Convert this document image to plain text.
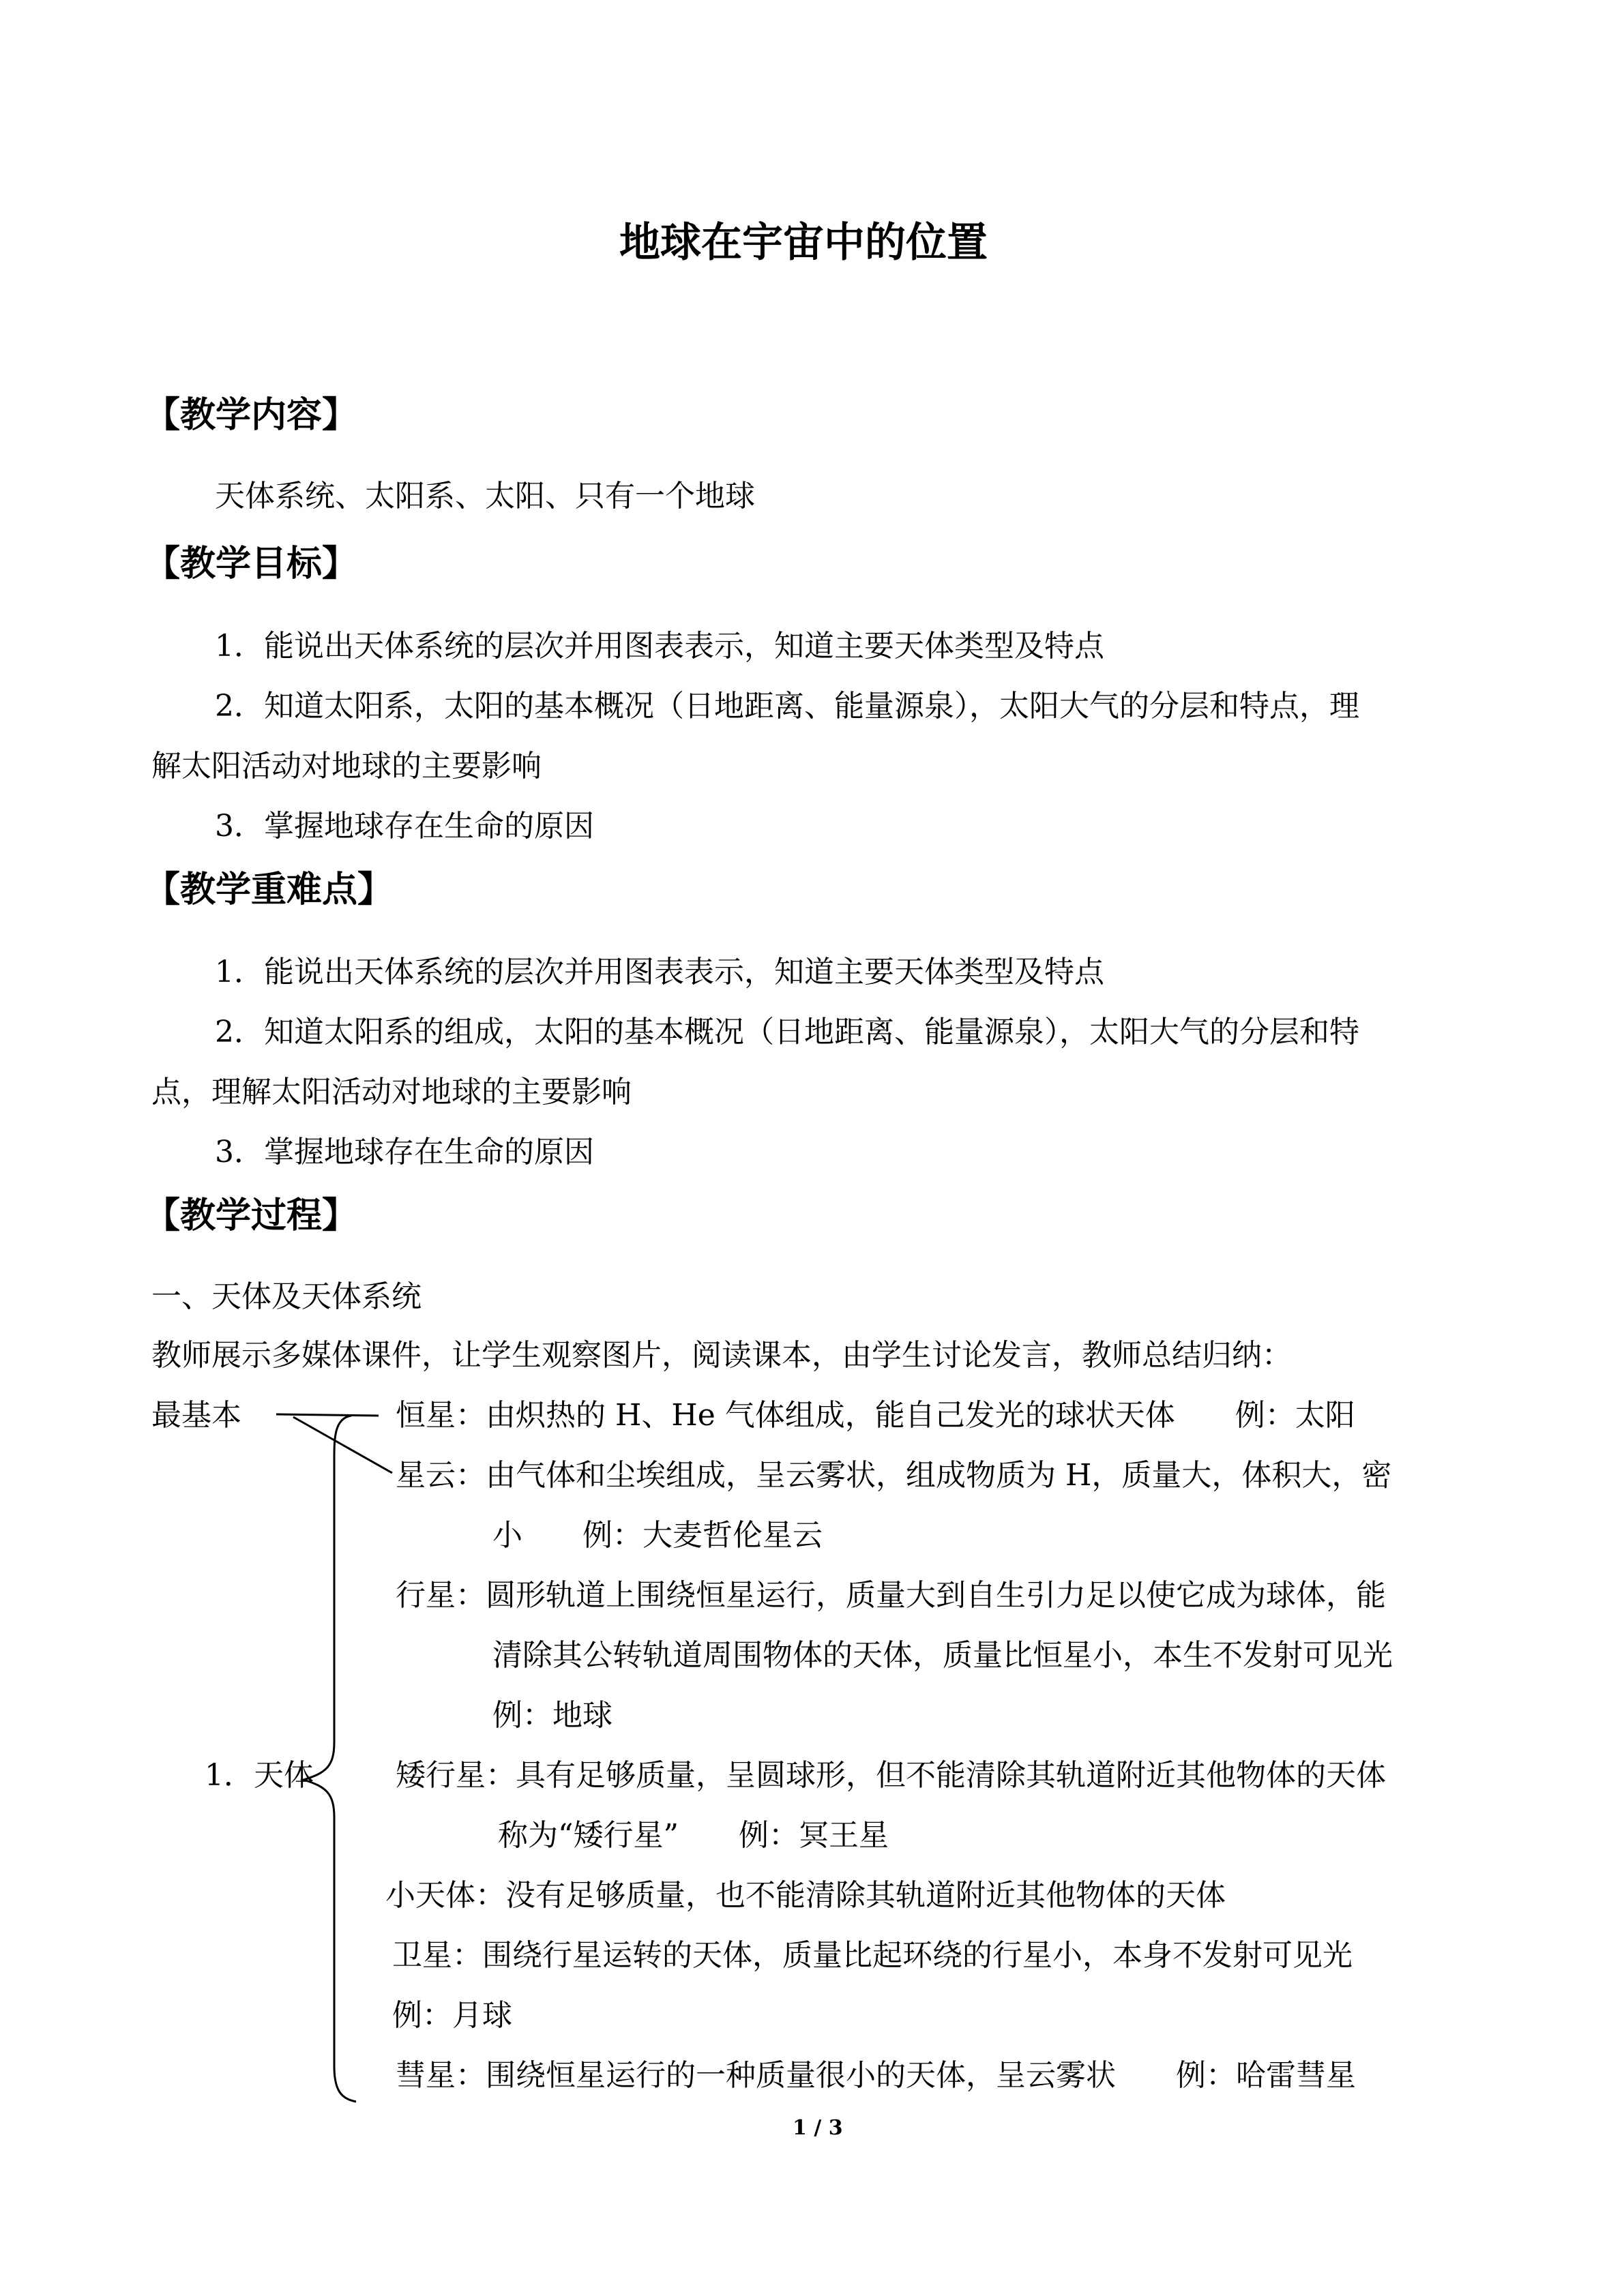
地球在宇宙中的位置
【教学内容】
天体系统、太阳系、太阳、只有一个地球
【教学目标】
1．能说出天体系统的层次并用图表表示，知道主要天体类型及特点
2．知道太阳系，太阳的基本概况（日地距离、能量源泉），太阳大气的分层和特点，理
解太阳活动对地球的主要影响
3．掌握地球存在生命的原因
【教学重难点】
1．能说出天体系统的层次并用图表表示，知道主要天体类型及特点
2．知道太阳系的组成，太阳的基本概况（日地距离、能量源泉），太阳大气的分层和特
点，理解太阳活动对地球的主要影响
3．掌握地球存在生命的原因
【教学过程】
一、天体及天体系统
教师展示多媒体课件，让学生观察图片，阅读课本，由学生讨论发言，教师总结归纳：
最基本	恒星：由炽热的 H、He 气体组成，能自己发光的球状天体　　例：太阳
星云：由气体和尘埃组成，呈云雾状，组成物质为 H，质量大，体积大，密
小　　例：大麦哲伦星云
行星：圆形轨道上围绕恒星运行，质量大到自生引力足以使它成为球体，能
清除其公转轨道周围物体的天体，质量比恒星小，本生不发射可见光
例：地球
1．天体	矮行星：具有足够质量，呈圆球形，但不能清除其轨道附近其他物体的天体
称为“矮行星”　　例：冥王星
小天体：没有足够质量，也不能清除其轨道附近其他物体的天体
卫星：围绕行星运转的天体，质量比起环绕的行星小，本身不发射可见光
例：月球
彗星：围绕恒星运行的一种质量很小的天体，呈云雾状　　例：哈雷彗星
1 / 3
